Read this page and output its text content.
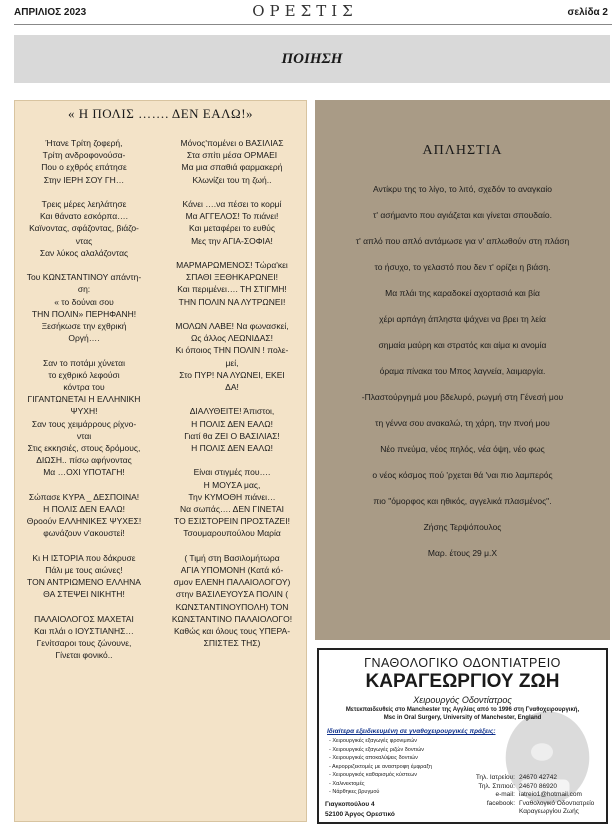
ΑΠΡΙΛΙΟΣ 2023	ΟΡΕΣΤΙΣ	σελίδα 2
ΠΟΙΗΣΗ
« Η ΠΟΛΙΣ ……. ΔΕΝ ΕΑΛΩ!»
Ήτανε Τρίτη ζοφερή,
Τρίτη ανδροφονούσα-
Που ο εχθρός επάτησε
Στην ΙΕΡΗ ΣΟΥ ΓΗ…
Τρεις μέρες λεηλάτησε
Και θάνατο εσκόρπα….
Καϊνοντας, σφάζοντας, βιάζο-
ντας
Σαν λύκος αλαλάζοντας
Του ΚΩΝΣΤΑΝΤΙΝΟΥ απάντη-
ση:
« το δούναι σου
ΤΗΝ ΠΟΛΙΝ» ΠΕΡΗΦΑΝΗ!
Ξεσήκωσε την εχθρική
Οργή….
Σαν το ποτάμι χύνεται
το εχθρικό λεφούσι
κόντρα του
ΓΙΓΑΝΤΩΝΕΤΑΙ Η ΕΛΛΗΝΙΚΗ
ΨΥΧΗ!
Σαν τους χειμάρρους ρίχνο-
νται
Στις εκκησιές, στους δρόμους,
ΔΙΩΣΗ.. πίσω αφήνοντας
Μα …ΟΧΙ ΥΠΟΤΑΓΗ!
Σώπασε ΚΥΡΑ _ ΔΕΣΠΟΙΝΑ!
Η ΠΟΛΙΣ ΔΕΝ ΕΑΛΩ!
Θροούν ΕΛΛΗΝΙΚΕΣ ΨΥΧΕΣ!
φωνάζουν ν'ακουστεί!
Κι Η ΙΣΤΟΡΙΑ που δάκρυσε
Πάλι με τους αιώνες!
ΤΟΝ ΑΝΤΡΙΩΜΕΝΟ ΕΛΛΗΝΑ
ΘΑ ΣΤΕΨΕΙ ΝΙΚΗΤΗ!
ΠΑΛΑΙΟΛΟΓΟΣ ΜΑΧΕΤΑΙ
Και πλάι ο ΙΟΥΣΤΙΑΝΗΣ…
Γενίτσαροι τους ζώνουνε,
Γίνεται φονικό..
Μόνος'πομένει ο ΒΑΣΙΛΙΑΣ
Στα σπίτι μέσα ΟΡΜΑΕΙ
Μα μια σπαθιά φαρμακερή
Κλωνίζει του τη ζωή..
Κάνει ….να πέσει το κορμί
Μα ΑΓΓΕΛΟΣ! Το πιάνει!
Και μεταφέρει το ευθύς
Μες την ΑΓΙΑ-ΣΟΦΙΑ!
ΜΑΡΜΑΡΩΜΕΝΟΣ! Τώρα'κει
ΣΠΑΘΙ ΞΕΘΗΚΑΡΩΝΕΙ!
Και περιμένει…. ΤΗ ΣΤΙΓΜΗ!
ΤΗΝ ΠΟΛΙΝ ΝΑ ΛΥΤΡΩΝΕΙ!
ΜΟΛΩΝ ΛΑΒΕ! Να φωνασκεί,
Ως άλλος ΛΕΩΝΙΔΑΣ!
Κι όποιος ΤΗΝ ΠΟΛΙΝ ! πολε-
μεί,
Στο ΠΥΡ! ΝΑ ΛΥΩΝΕΙ, ΕΚΕΙ
ΔΑ!
ΔΙΑΛΥΘΕΙΤΕ! Άπιστοι,
Η ΠΟΛΙΣ ΔΕΝ ΕΑΛΩ!
Γιατί θα ΖΕΙ Ο ΒΑΣΙΛΙΑΣ!
Η ΠΟΛΙΣ ΔΕΝ ΕΑΛΩ!
Είναι στιγμές που….
Η ΜΟΥΣΑ μας,
Την ΚΥΜΟΘΗ πιάνει…
Να σωπάς…. ΔΕΝ ΓΙΝΕΤΑΙ
ΤΟ ΕΣΙΣΤΟΡΕΙΝ ΠΡΟΣΤΑΖΕΙ!
Τσουμαρουπούλου Μαρία
( Τιμή στη Βασιλομήτωρα
ΑΓΙΑ ΥΠΟΜΟΝΗ (Κατά κό-
σμον ΕΛΕΝΗ ΠΑΛΑΙΟΛΟΓΟΥ)
στην ΒΑΣΙΛΕΥΟΥΣΑ ΠΟΛΙΝ (
ΚΩΝΣΤΑΝΤΙΝΟΥΠΟΛΗ) ΤΟΝ
ΚΩΝΣΤΑΝΤΙΝΟ ΠΑΛΑΙΟΛΟΓΟ!
Καθώς και όλους τους ΥΠΕΡΑ-
ΣΠΙΣΤΕΣ ΤΗΣ)
ΑΠΛΗΣΤΙΑ
Αντίκρυ της το λίγο, το λιτό, σχεδόν το αναγκαίο
τ' ασήμαντο που αγιάζεται και γίνεται σπουδαίο.
τ' απλό που απλό αντάμωσε για ν' απλωθούν στη πλάση
το ήσυχο, το γελαστό που δεν τ' ορίζει η βιάση.
Μα πλάι της καραδοκεί αχορτασιά και βία
χέρι αρπάγη άπληστα ψάχνει να βρει τη λεία
σημαία μαύρη και στρατός και αίμα κι ανομία
όραμα πίνακα του Μπος λαγνεία, λαιμαργία.
-Πλαστούργημά μου βδελυρό, ρωγμή στη Γένεσή μου
τη γέννα σου ανακαλώ, τη χάρη, την πνοή μου
Νέο πνεύμα, νέος πηλός, νέα όψη, νέο φως
ο νέος κόσμος πού 'ρχεται θά 'ναι πιο λαμπερός
πιο "όμορφος και ηθικός, αγγελικά πλασμένος".
Ζήσης Τερψόπουλος
Μαρ. έτους 29 μ.Χ
ΓΝΑΘΟΛΟΓΙΚΟ ΟΔΟΝΤΙΑΤΡΕΙΟ
ΚΑΡΑΓΕΩΡΓΙΟΥ ΖΩΗ
Χειρουργός Οδοντίατρος
Μετεκπαιδευθείς στο Manchester της Αγγλίας από το 1996 στη Γναθοχειρουργική,
Msc in Oral Surgery, University of Manchester, England
Ιδιαίτερα εξειδικευμένη σε γναθοχειρουργικές πράξεις:
- Χειρουργικές εξαγωγές φρονιμιτών
- Χειρουργικές εξαγωγές ριζών δοντιών
- Χειρουργικές αποκαλύψεις δοντιών
- Ακρορριζεκτομές με αναστροφη έμφραξη
- Χειρουργικός καθαρισμός κύστεων
- Χαλινεκτομές
- Νάρθηκες βρυγμού
Τηλ. Ιατρείου: 24670 42742
Τηλ. Σπιτιού: 24670 86920
e-mail: iatreio1@hotmail.com
facebook: Γναθολογικό Οδοντιατρείο
Καραγεωργίου Ζωής
Γιαγκοπούλου 4
52100 Άργος Ορεστικό
